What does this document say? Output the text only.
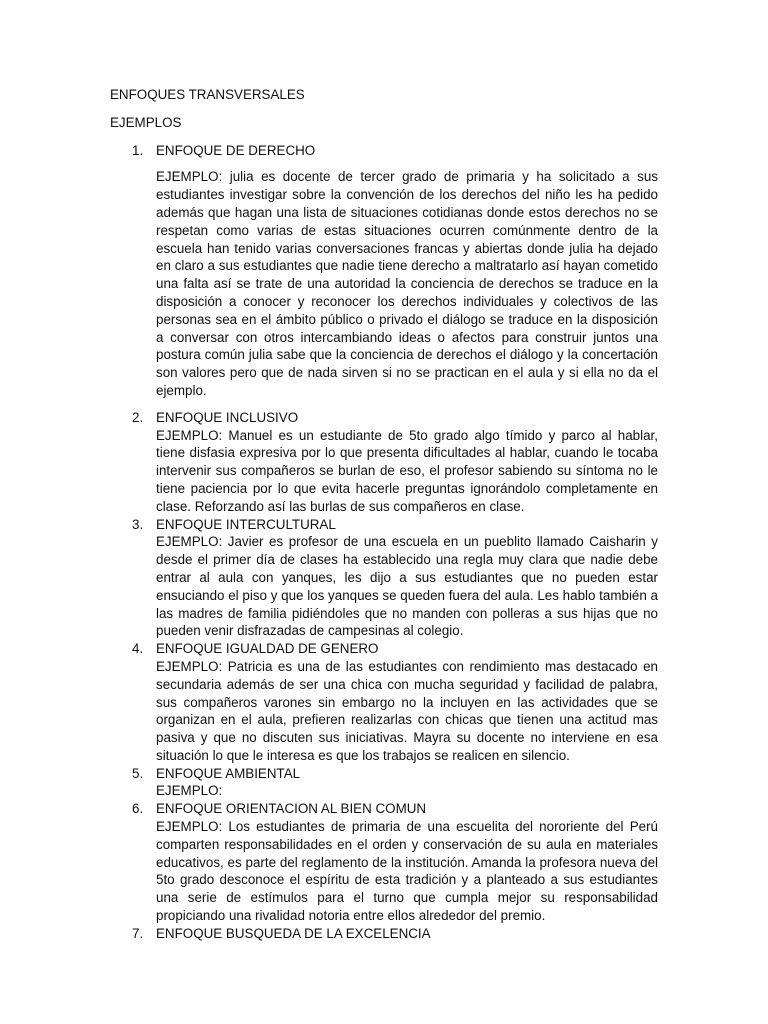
ENFOQUES TRANSVERSALES

EJEMPLOS

1. ENFOQUE DE DERECHO

EJEMPLO: julia es docente de tercer grado de primaria y ha solicitado a sus estudiantes investigar sobre la convención de los derechos del niño les ha pedido además que hagan una lista de situaciones cotidianas donde estos derechos no se respetan como varias de estas situaciones ocurren comúnmente dentro de la escuela han tenido varias conversaciones francas y abiertas donde julia ha dejado en claro a sus estudiantes que nadie tiene derecho a maltratarlo así hayan cometido una falta así se trate de una autoridad la conciencia de derechos se traduce en la disposición a conocer y reconocer los derechos individuales y colectivos de las personas sea en el ámbito público o privado el diálogo se traduce en la disposición a conversar con otros intercambiando ideas o afectos para construir juntos una postura común julia sabe que la conciencia de derechos el diálogo y la concertación son valores pero que de nada sirven si no se practican en el aula y si ella no da el ejemplo.

2. ENFOQUE INCLUSIVO

EJEMPLO: Manuel es un estudiante de 5to grado algo tímido y parco al hablar, tiene disfasia expresiva por lo que presenta dificultades al hablar, cuando le tocaba intervenir sus compañeros se burlan de eso, el profesor sabiendo su síntoma no le tiene paciencia por lo que evita hacerle preguntas ignorándolo completamente en clase. Reforzando así las burlas de sus compañeros en clase.

3. ENFOQUE INTERCULTURAL

EJEMPLO: Javier es profesor de una escuela en un pueblito llamado Caisharin y desde el primer día de clases ha establecido una regla muy clara que nadie debe entrar al aula con yanques, les dijo a sus estudiantes que no pueden estar ensuciando el piso y que los yanques se queden fuera del aula. Les hablo también a las madres de familia pidiéndoles que no manden con polleras a sus hijas que no pueden venir disfrazadas de campesinas al colegio.

4. ENFOQUE IGUALDAD DE GENERO

EJEMPLO: Patricia es una de las estudiantes con rendimiento mas destacado en secundaria además de ser una chica con mucha seguridad y facilidad de palabra, sus compañeros varones sin embargo no la incluyen en las actividades que se organizan en el aula, prefieren realizarlas con chicas que tienen una actitud mas pasiva y que no discuten sus iniciativas. Mayra su docente no interviene en esa situación lo que le interesa es que los trabajos se realicen en silencio.

5. ENFOQUE AMBIENTAL

EJEMPLO:

6. ENFOQUE ORIENTACION AL BIEN COMUN

EJEMPLO: Los estudiantes de primaria de una escuelita del nororiente del Perú comparten responsabilidades en el orden y conservación de su aula en materiales educativos, es parte del reglamento de la institución. Amanda la profesora nueva del 5to grado desconoce el espíritu de esta tradición y a planteado a sus estudiantes una serie de estímulos para el turno que cumpla mejor su responsabilidad propiciando una rivalidad notoria entre ellos alrededor del premio.

7. ENFOQUE BUSQUEDA DE LA EXCELENCIA
